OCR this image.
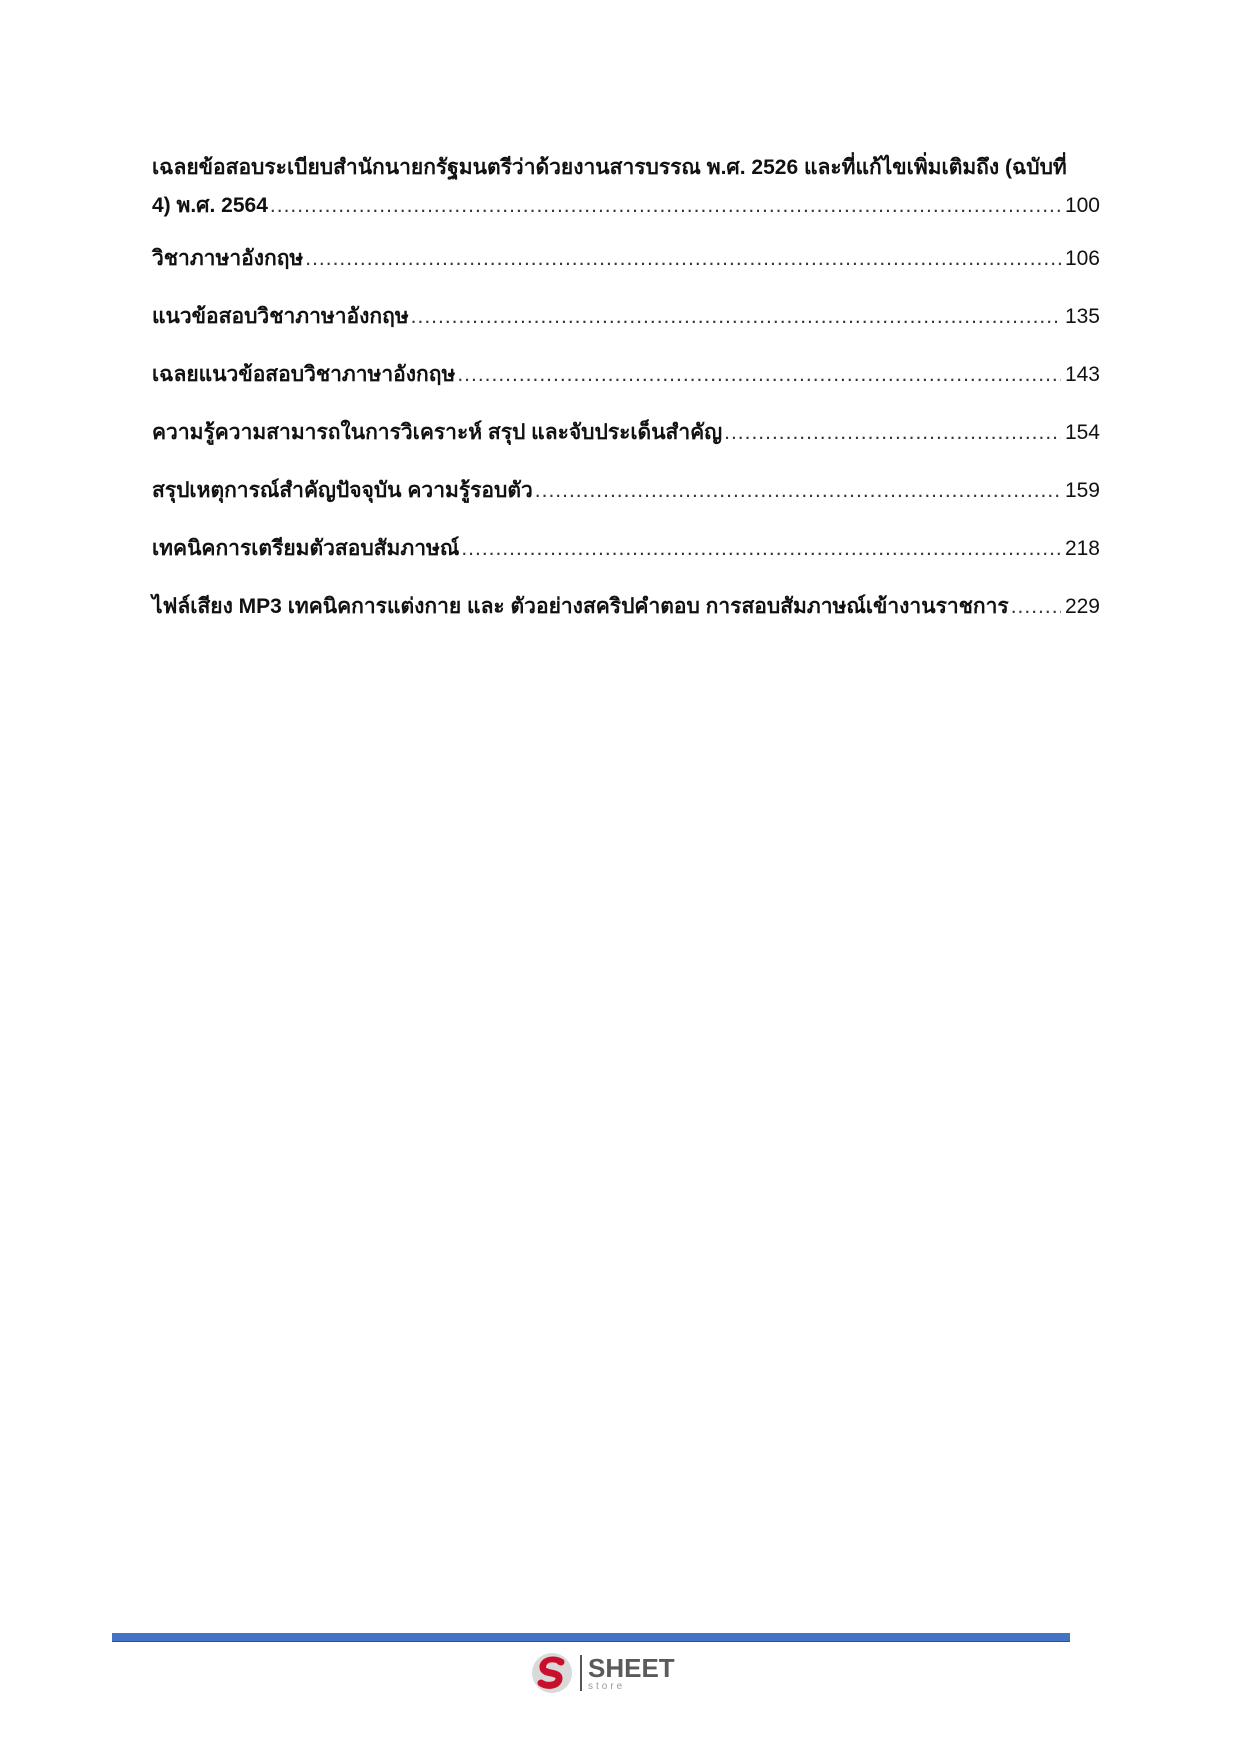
เฉลยข้อสอบระเบียบสำนักนายกรัฐมนตรีว่าด้วยงานสารบรรณ พ.ศ. 2526 และที่แก้ไขเพิ่มเติมถึง (ฉบับที่
4) พ.ศ. 2564 .....	100
วิชาภาษาอังกฤษ .....	106
แนวข้อสอบวิชาภาษาอังกฤษ .....	135
เฉลยแนวข้อสอบวิชาภาษาอังกฤษ .....	143
ความรู้ความสามารถในการวิเคราะห์ สรุป และจับประเด็นสำคัญ .....	154
สรุปเหตุการณ์สำคัญปัจจุบัน ความรู้รอบตัว .....	159
เทคนิคการเตรียมตัวสอบสัมภาษณ์ .....	218
ไฟล์เสียง MP3 เทคนิคการแต่งกาย และ ตัวอย่างสคริปคำตอบ การสอบสัมภาษณ์เข้างานราชการ .....	229
SHEET
store
